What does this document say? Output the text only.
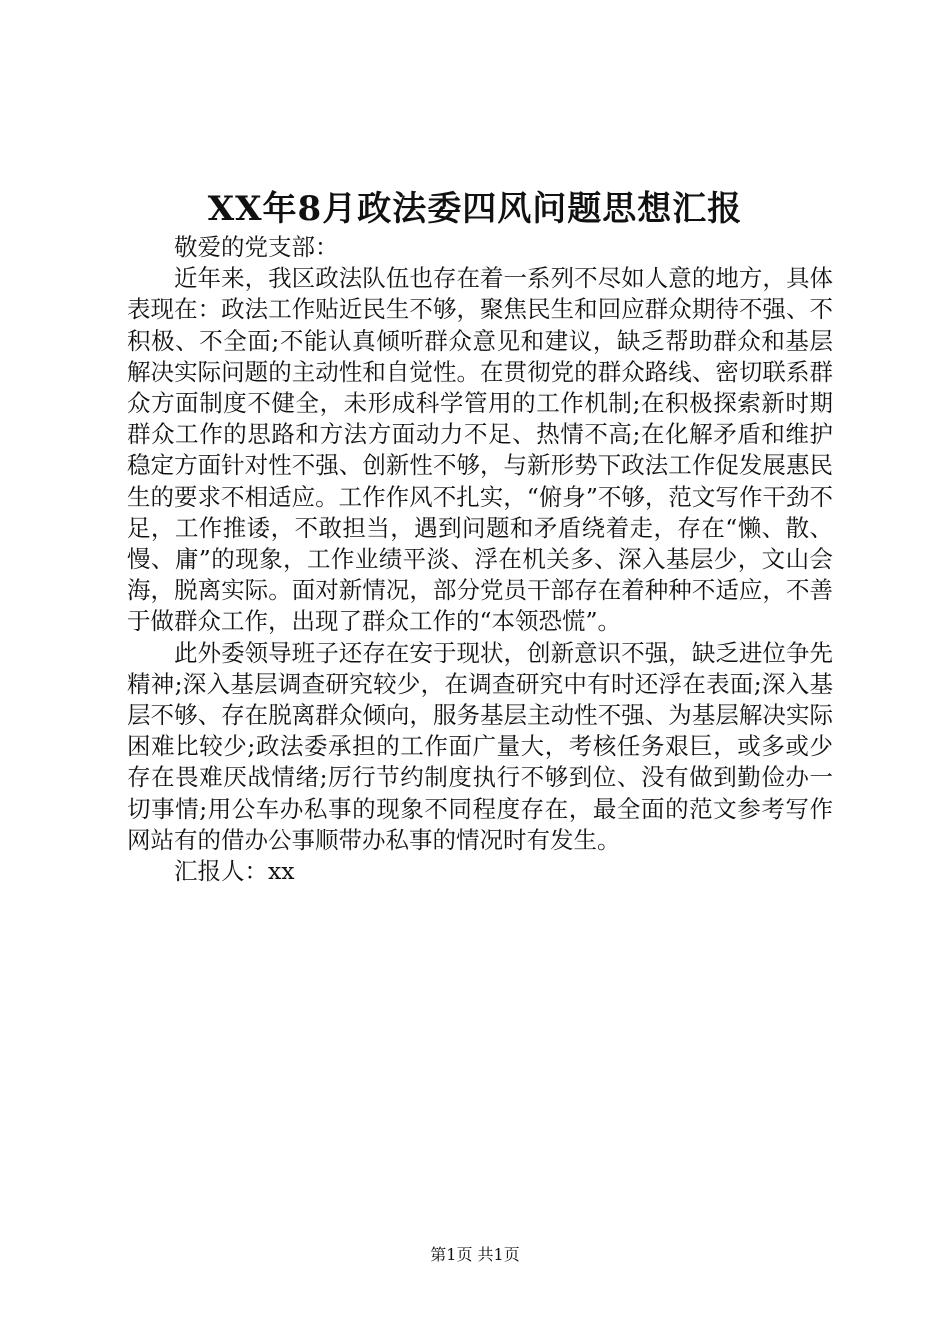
XX年8月政法委四风问题思想汇报

敬爱的党支部：

近年来，我区政法队伍也存在着一系列不尽如人意的地方，具体表现在：政法工作贴近民生不够，聚焦民生和回应群众期待不强、不积极、不全面;不能认真倾听群众意见和建议，缺乏帮助群众和基层解决实际问题的主动性和自觉性。在贯彻党的群众路线、密切联系群众方面制度不健全，未形成科学管用的工作机制;在积极探索新时期群众工作的思路和方法方面动力不足、热情不高;在化解矛盾和维护稳定方面针对性不强、创新性不够，与新形势下政法工作促发展惠民生的要求不相适应。工作作风不扎实，“俯身”不够，范文写作干劲不足，工作推诿，不敢担当，遇到问题和矛盾绕着走，存在“懒、散、慢、庸”的现象，工作业绩平淡、浮在机关多、深入基层少，文山会海，脱离实际。面对新情况，部分党员干部存在着种种不适应，不善于做群众工作，出现了群众工作的“本领恐慌”。

此外委领导班子还存在安于现状，创新意识不强，缺乏进位争先精神;深入基层调查研究较少，在调查研究中有时还浮在表面;深入基层不够、存在脱离群众倾向，服务基层主动性不强、为基层解决实际困难比较少;政法委承担的工作面广量大，考核任务艰巨，或多或少存在畏难厌战情绪;厉行节约制度执行不够到位、没有做到勤俭办一切事情;用公车办私事的现象不同程度存在，最全面的范文参考写作网站有的借办公事顺带办私事的情况时有发生。

汇报人：xx

第1页 共1页
